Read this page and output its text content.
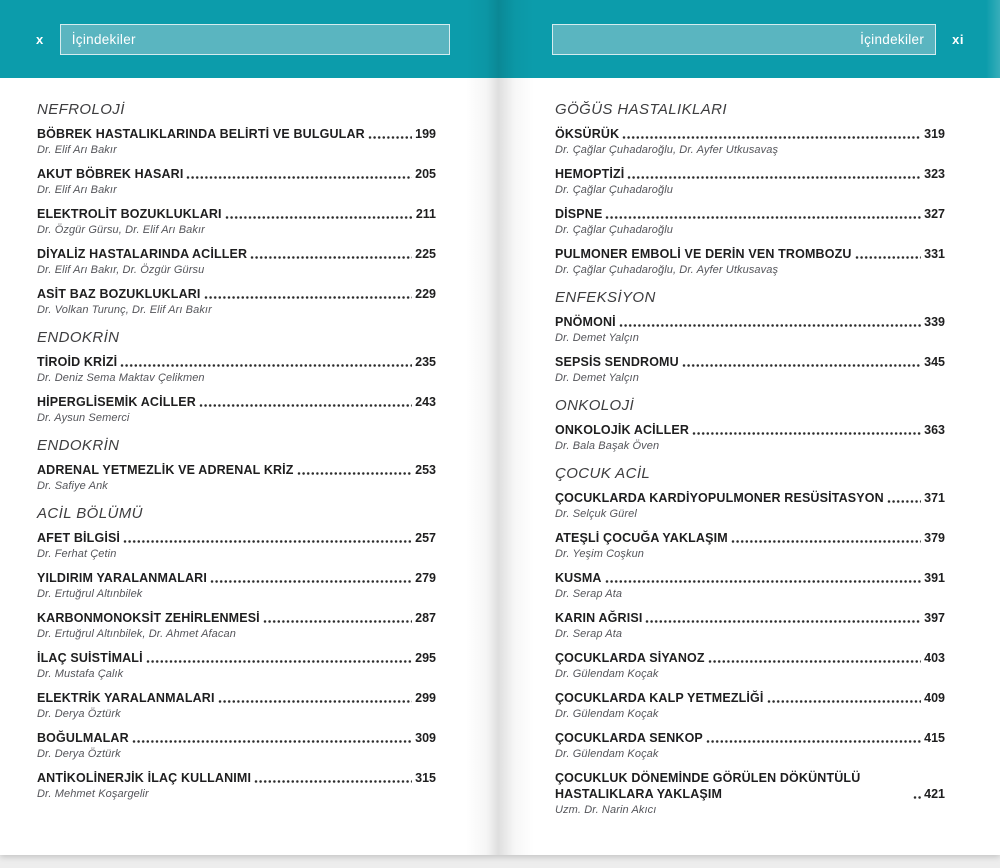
x	İçindekiler
NEFROLOJİ
BÖBREK HASTALIKLARINDA BELİRTİ VE BULGULAR	199
Dr. Elif Arı Bakır
AKUT BÖBREK HASARI	205
Dr. Elif Arı Bakır
ELEKTROLİT BOZUKLUKLARI	211
Dr. Özgür Gürsu, Dr. Elif Arı Bakır
DİYALİZ HASTALARINDA ACİLLER	225
Dr. Elif Arı Bakır, Dr. Özgür Gürsu
ASİT BAZ BOZUKLUKLARI	229
Dr. Volkan Turunç, Dr. Elif Arı Bakır
ENDOKRİN
TİROİD KRİZİ	235
Dr. Deniz Sema Maktav Çelikmen
HİPERGLİSEMİK ACİLLER	243
Dr. Aysun Semerci
ENDOKRİN
ADRENAL YETMEZLİK VE ADRENAL KRİZ	253
Dr. Safiye Ank
ACİL BÖLÜMÜ
AFET BİLGİSİ	257
Dr. Ferhat Çetin
YILDIRIM YARALANMALARI	279
Dr. Ertuğrul Altınbilek
KARBONMONOKSİT ZEHİRLENMESİ	287
Dr. Ertuğrul Altınbilek, Dr. Ahmet Afacan
İLAÇ SUİSTİMALİ	295
Dr. Mustafa Çalık
ELEKTRİK YARALANMALARI	299
Dr. Derya Öztürk
BOĞULMALAR	309
Dr. Derya Öztürk
ANTİKOLİNERJİK İLAÇ KULLANIMI	315
Dr. Mehmet Koşargelir
İçindekiler	xi
GÖĞÜS HASTALIKLARI
ÖKSÜRÜK	319
Dr. Çağlar Çuhadaroğlu, Dr. Ayfer Utkusavaş
HEMOPTİZİ	323
Dr. Çağlar Çuhadaroğlu
DİSPNE	327
Dr. Çağlar Çuhadaroğlu
PULMONER EMBOLİ VE DERİN VEN TROMBOZU	331
Dr. Çağlar Çuhadaroğlu, Dr. Ayfer Utkusavaş
ENFEKSİYON
PNÖMONİ	339
Dr. Demet Yalçın
SEPSİS SENDROMU	345
Dr. Demet Yalçın
ONKOLOJİ
ONKOLOJİK ACİLLER	363
Dr. Bala Başak Öven
ÇOCUK ACİL
ÇOCUKLARDA KARDİYOPULMONER RESÜSİTASYON	371
Dr. Selçuk Gürel
ATEŞLİ ÇOCUĞA YAKLAŞIM	379
Dr. Yeşim Coşkun
KUSMA	391
Dr. Serap Ata
KARIN AĞRISI	397
Dr. Serap Ata
ÇOCUKLARDA SİYANOZ	403
Dr. Gülendam Koçak
ÇOCUKLARDA KALP YETMEZLİĞİ	409
Dr. Gülendam Koçak
ÇOCUKLARDA SENKOP	415
Dr. Gülendam Koçak
ÇOCUKLUK DÖNEMİNDE GÖRÜLEN DÖKÜNTÜLÜ HASTALIKLARA YAKLAŞIM	421
Uzm. Dr. Narin Akıcı
